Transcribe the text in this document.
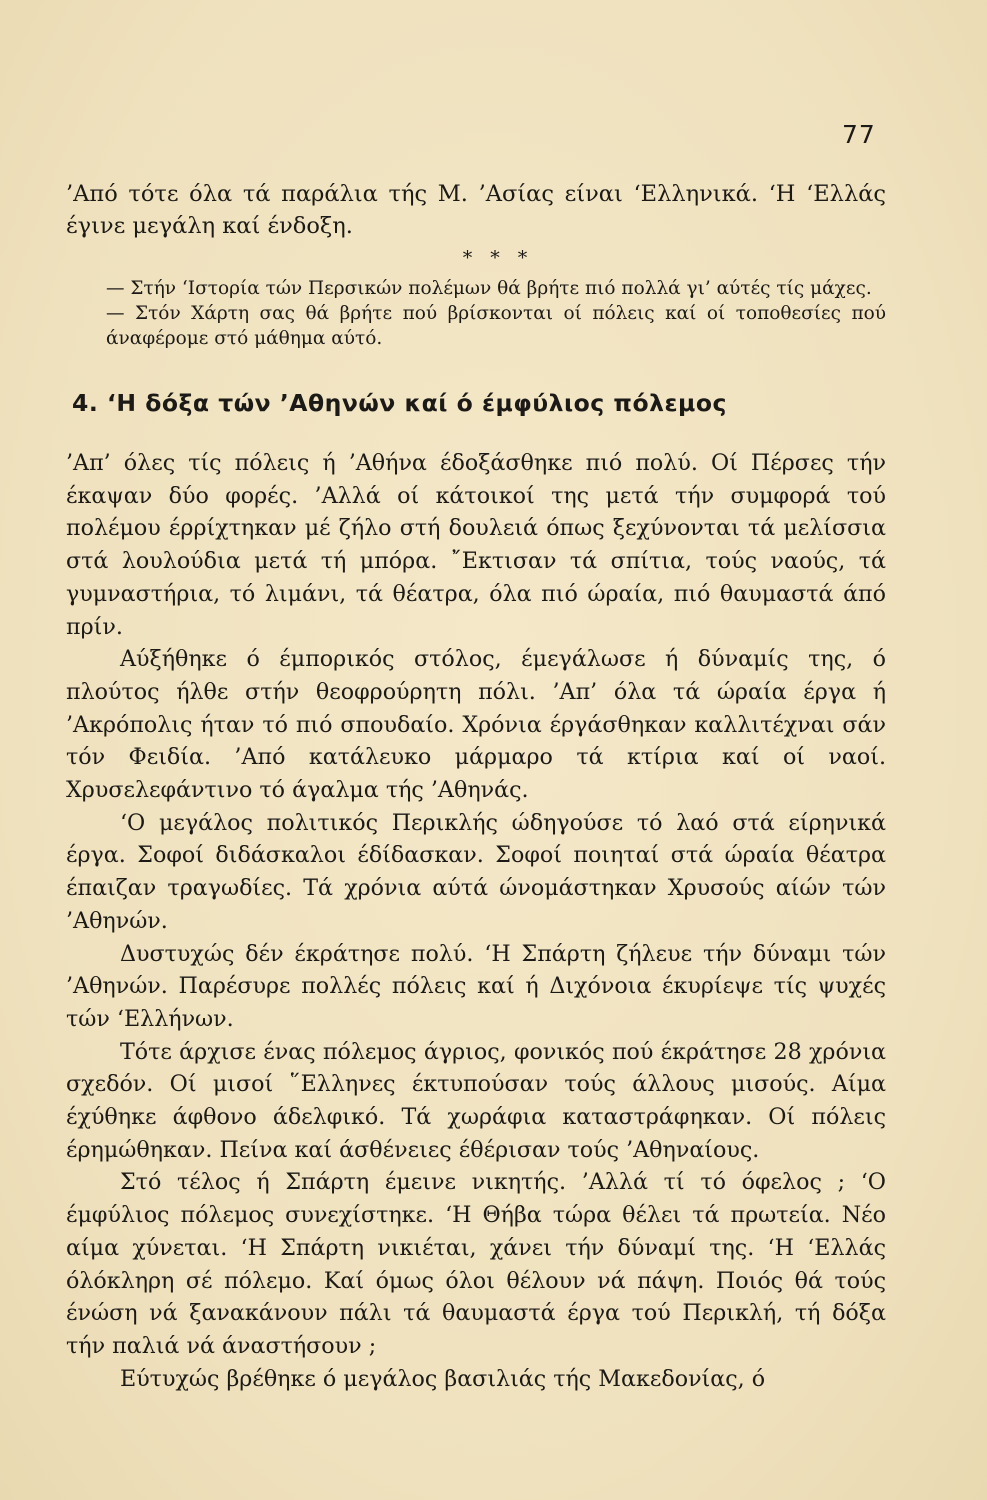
77

’Από τότε όλα τά παράλια τής Μ. ’Ασίας είναι ‘Ελληνικά. ‘Η ‘Ελλάς έγινε μεγάλη καί ένδοξη.

* * *

— Στήν ‘Ιστορία τών Περσικών πολέμων θά βρήτε πιό πολλά γι’ αύτές τίς μάχες.

— Στόν Χάρτη σας θά βρήτε πού βρίσκονται οί πόλεις καί οί τοποθεσίες πού άναφέρομε στό μάθημα αύτό.

4. ‘Η δόξα τών ’Αθηνών καί ό έμφύλιος πόλεμος

’Απ’ όλες τίς πόλεις ή ’Αθήνα έδοξάσθηκε πιό πολύ. Οί Πέρσες τήν έκαψαν δύο φορές. ’Αλλά οί κάτοικοί της μετά τήν συμφορά τού πολέμου έρρίχτηκαν μέ ζήλο στή δουλειά όπως ξεχύνονται τά μελίσσια στά λουλούδια μετά τή μπόρα. ῎Εκτισαν τά σπίτια, τούς ναούς, τά γυμναστήρια, τό λιμάνι, τά θέατρα, όλα πιό ώραία, πιό θαυμαστά άπό πρίν.

Αύξήθηκε ό έμπορικός στόλος, έμεγάλωσε ή δύναμίς της, ό πλούτος ήλθε στήν θεοφρούρητη πόλι. ’Απ’ όλα τά ώραία έργα ή ’Ακρόπολις ήταν τό πιό σπουδαίο. Χρόνια έργάσθηκαν καλλιτέχναι σάν τόν Φειδία. ’Από κατάλευκο μάρμαρο τά κτίρια καί οί ναοί. Χρυσελεφάντινο τό άγαλμα τής ’Αθηνάς.

‘Ο μεγάλος πολιτικός Περικλής ώδηγούσε τό λαό στά είρηνικά έργα. Σοφοί διδάσκαλοι έδίδασκαν. Σοφοί ποιηταί στά ώραία θέατρα έπαιζαν τραγωδίες. Τά χρόνια αύτά ώνομάστηκαν Χρυσούς αίών τών ’Αθηνών.

Δυστυχώς δέν έκράτησε πολύ. ‘Η Σπάρτη ζήλευε τήν δύναμι τών ’Αθηνών. Παρέσυρε πολλές πόλεις καί ή Διχόνοια έκυρίεψε τίς ψυχές τών ‘Ελλήνων.

Τότε άρχισε ένας πόλεμος άγριος, φονικός πού έκράτησε 28 χρόνια σχεδόν. Οί μισοί ῞Ελληνες έκτυπούσαν τούς άλλους μισούς. Αίμα έχύθηκε άφθονο άδελφικό. Τά χωράφια καταστράφηκαν. Οί πόλεις έρημώθηκαν. Πείνα καί άσθένειες έθέρισαν τούς ’Αθηναίους.

Στό τέλος ή Σπάρτη έμεινε νικητής. ’Αλλά τί τό όφελος ; ‘Ο έμφύλιος πόλεμος συνεχίστηκε. ‘Η Θήβα τώρα θέλει τά πρωτεία. Νέο αίμα χύνεται. ‘Η Σπάρτη νικιέται, χάνει τήν δύναμί της. ‘Η ‘Ελλάς όλόκληρη σέ πόλεμο. Καί όμως όλοι θέλουν νά πάψη. Ποιός θά τούς ένώση νά ξανακάνουν πάλι τά θαυμαστά έργα τού Περικλή, τή δόξα τήν παλιά νά άναστήσουν ;

Εύτυχώς βρέθηκε ό μεγάλος βασιλιάς τής Μακεδονίας, ό
